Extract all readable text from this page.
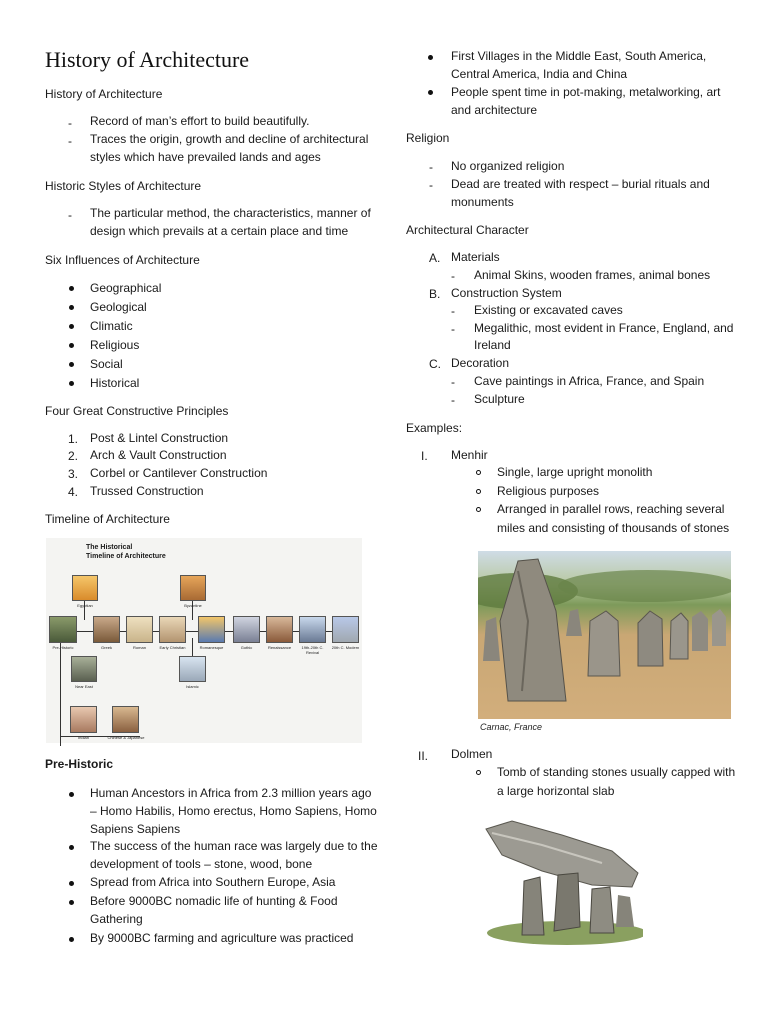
History of Architecture
History of Architecture
- Record of man’s effort to build beautifully.
- Traces the origin, growth and decline of architectural
styles which have prevailed lands and ages
Historic Styles of Architecture
- The particular method, the characteristics, manner of
design which prevails at a certain place and time
Six Influences of Architecture
Geographical
Geological
Climatic
Religious
Social
Historical
Four Great Constructive Principles
1. Post & Lintel Construction
2. Arch & Vault Construction
3. Corbel or Cantilever Construction
4. Trussed Construction
Timeline of Architecture
The Historical
Timeline of Architecture
Egyptian	Byzantine
Pre-Historic	Greek	Roman	Early Christian	Romanesque	Gothic	Renaissance	19th-20th C. Revival
20th C. Modern
Near East	Islamic
Indian	Chinese & Japanese
Pre-Historic
Human Ancestors in Africa from 2.3 million years ago
– Homo Habilis, Homo erectus, Homo Sapiens, Homo
Sapiens Sapiens
The success of the human race was largely due to the
development of tools – stone, wood, bone
Spread from Africa into Southern Europe, Asia
Before 9000BC nomadic life of hunting & Food
Gathering
By 9000BC farming and agriculture was practiced
First Villages in the Middle East, South America,
Central America, India and China
People spent time in pot-making, metalworking, art
and architecture
Religion
- No organized religion
- Dead are treated with respect – burial rituals and
monuments
Architectural Character
A. Materials
- Animal Skins, wooden frames, animal bones
B. Construction System
- Existing or excavated caves
- Megalithic, most evident in France, England, and
Ireland
C. Decoration
- Cave paintings in Africa, France, and Spain
- Sculpture
Examples:
I. Menhir
Single, large upright monolith
Religious purposes
Arranged in parallel rows, reaching several
miles and consisting of thousands of stones
Carnac, France
II. Dolmen
Tomb of standing stones usually capped with
a large horizontal slab
